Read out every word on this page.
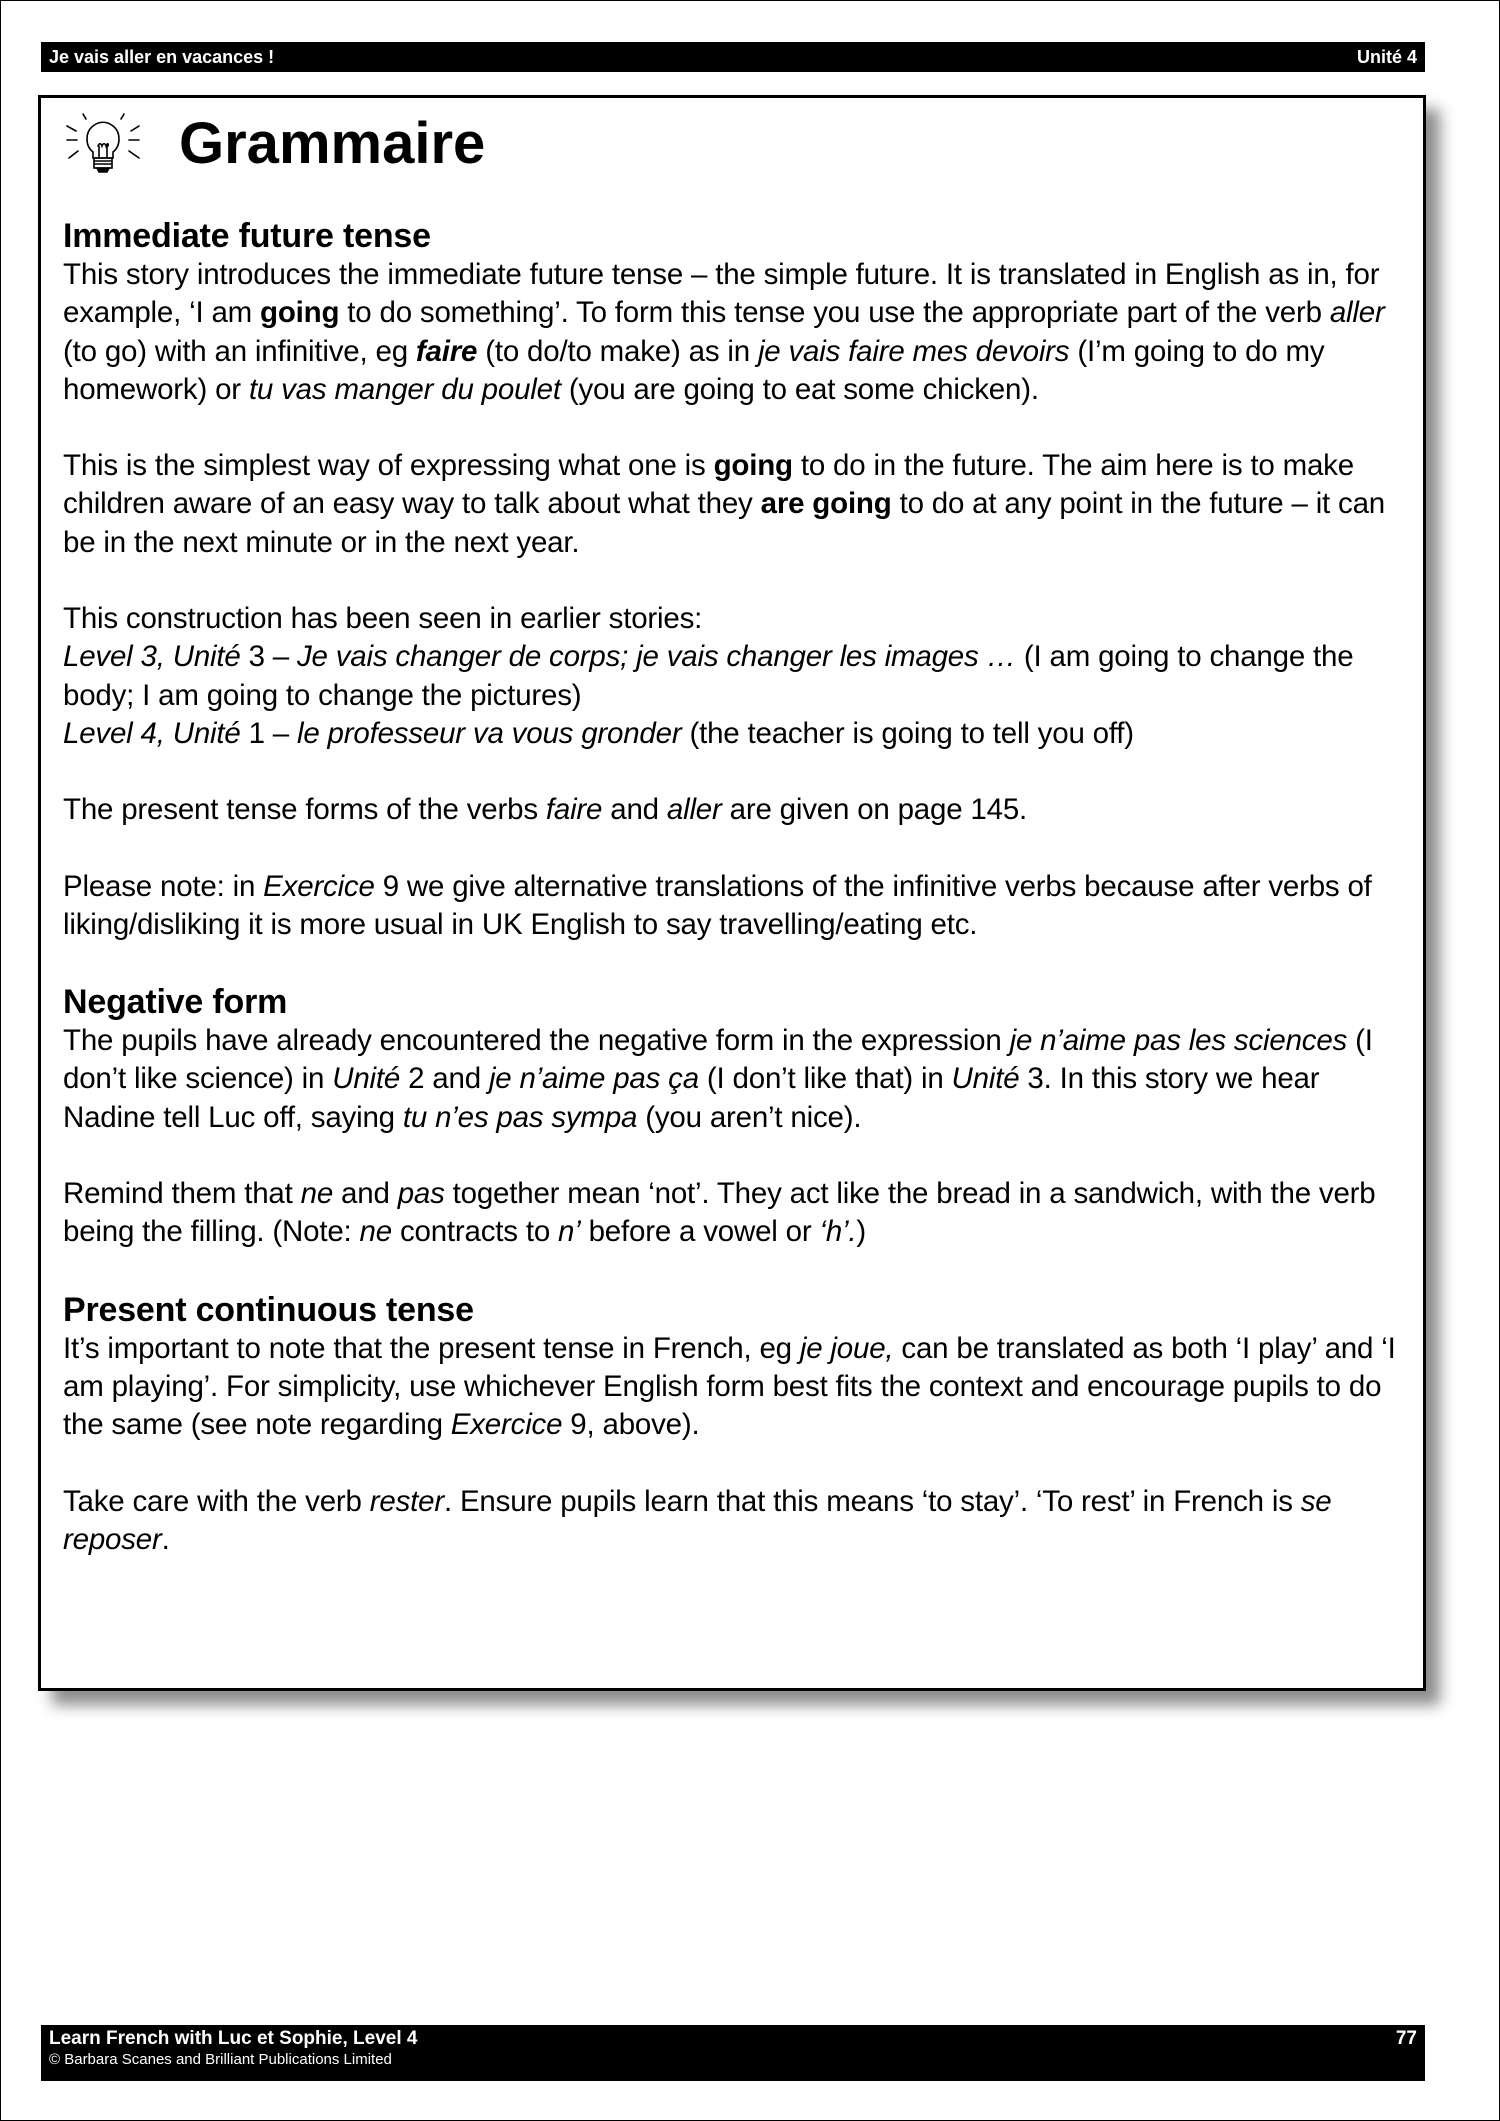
Je vais aller en vacances !	Unité 4
Grammaire
Immediate future tense

This story introduces the immediate future tense – the simple future. It is translated in English as in, for example, ‘I am going to do something’. To form this tense you use the appropriate part of the verb aller (to go) with an infinitive, eg faire (to do/to make) as in je vais faire mes devoirs (I’m going to do my homework) or tu vas manger du poulet (you are going to eat some chicken).

This is the simplest way of expressing what one is going to do in the future. The aim here is to make children aware of an easy way to talk about what they are going to do at any point in the future – it can be in the next minute or in the next year.

This construction has been seen in earlier stories:
Level 3, Unité 3 – Je vais changer de corps; je vais changer les images … (I am going to change the body; I am going to change the pictures)
Level 4, Unité 1 – le professeur va vous gronder (the teacher is going to tell you off)

The present tense forms of the verbs faire and aller are given on page 145.

Please note: in Exercice 9 we give alternative translations of the infinitive verbs because after verbs of liking/disliking it is more usual in UK English to say travelling/eating etc.

Negative form

The pupils have already encountered the negative form in the expression je n’aime pas les sciences (I don’t like science) in Unité 2 and je n’aime pas ça (I don’t like that) in Unité 3. In this story we hear Nadine tell Luc off, saying tu n’es pas sympa (you aren’t nice).

Remind them that ne and pas together mean ‘not’. They act like the bread in a sandwich, with the verb being the filling. (Note: ne contracts to n’ before a vowel or ‘h’.)

Present continuous tense

It’s important to note that the present tense in French, eg je joue, can be translated as both ‘I play’ and ‘I am playing’. For simplicity, use whichever English form best fits the context and encourage pupils to do the same (see note regarding Exercice 9, above).

Take care with the verb rester. Ensure pupils learn that this means ‘to stay’. ‘To rest’ in French is se reposer.

Learn French with Luc et Sophie, Level 4	77
© Barbara Scanes and Brilliant Publications Limited
